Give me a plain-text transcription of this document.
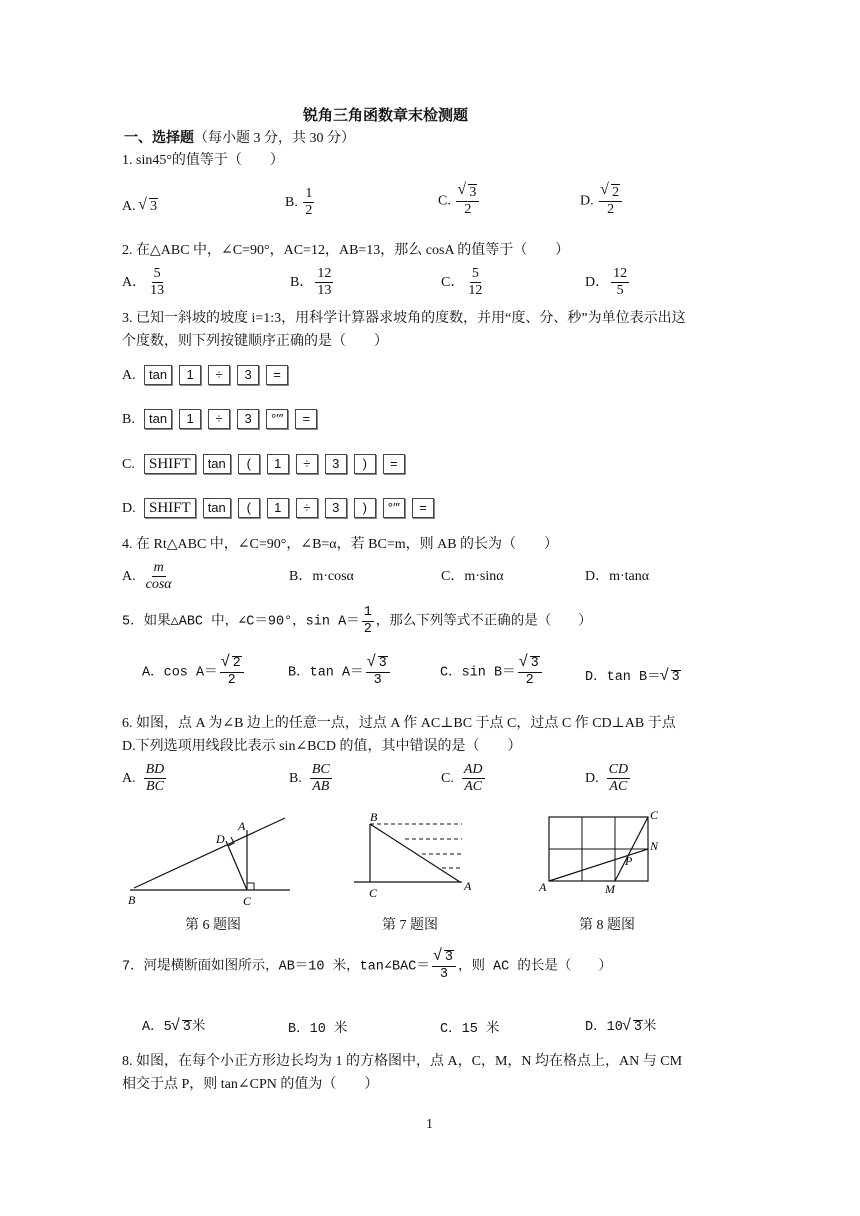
锐角三角函数章末检测题
一、选择题（每小题 3 分，共 30 分）
1. sin45°的值等于（　　）
A. √ 3	B. $\frac{1}{2}$	C. √ $\frac{3}{2}$	D. √ $\frac{2}{2}$
2. 在△ABC 中，∠C=90°，AC=12，AB=13，那么 cosA 的值等于（　　）
A． $\frac{5}{13}$	B． $\frac{12}{13}$	C． $\frac{5}{12}$	D． $\frac{12}{5}$
3. 已知一斜坡的坡度 i=1:3，用科学计算器求坡角的度数，并用“度、分、秒”为单位表示出这
个度数，则下列按键顺序正确的是（　　）
A. tan 1 ÷ 3 =
B. tan 1 ÷ 3 °′″ =
C. SHIFT tan ( 1 ÷ 3 ) =
D. SHIFT tan ( 1 ÷ 3 ) °′″ =
4. 在 Rt△ABC 中，∠C=90°，∠B=α，若 BC=m，则 AB 的长为（　　）
A. $\frac{m}{\cos\alpha}$	B．m·cosα	C．m·sinα	D．m·tanα
5．如果△ABC 中，∠C＝90°，$\sin A= \frac{1}{2}$ ，那么下列等式不正确的是（　　）
A．cos A＝ √ $\frac{2}{2}$	B．tan A＝ √ $\frac{3}{3}$	C．sin B＝ √ $\frac{3}{2}$	D．tan B＝ √ 3
6. 如图，点 A 为∠B 边上的任意一点，过点 A 作 AC⊥BC 于点 C，过点 C 作 CD⊥AB 于点
D.下列选项用线段比表示 sin∠BCD 的值，其中错误的是（　　）
A. $\frac{BD}{BC}$	B. $\frac{BC}{AB}$	C. $\frac{AD}{AC}$	D. $\frac{CD}{AC}$
A
D
B	C
第 6 题图
B
C	A
第 7 题图
C
N
P
A	M
第 8 题图
7．河堤横断面如图所示，AB＝10 米，tan∠BAC＝ √ $\frac{3}{3}$ ，则 AC 的长是（　　）
A．5 √ 3米	B．10 米	C．15 米	D．10 √ 3米
8. 如图，在每个小正方形边长均为 1 的方格图中，点 A，C，M，N 均在格点上，AN 与 CM
相交于点 P，则 tan∠CPN 的值为（　　）
1
